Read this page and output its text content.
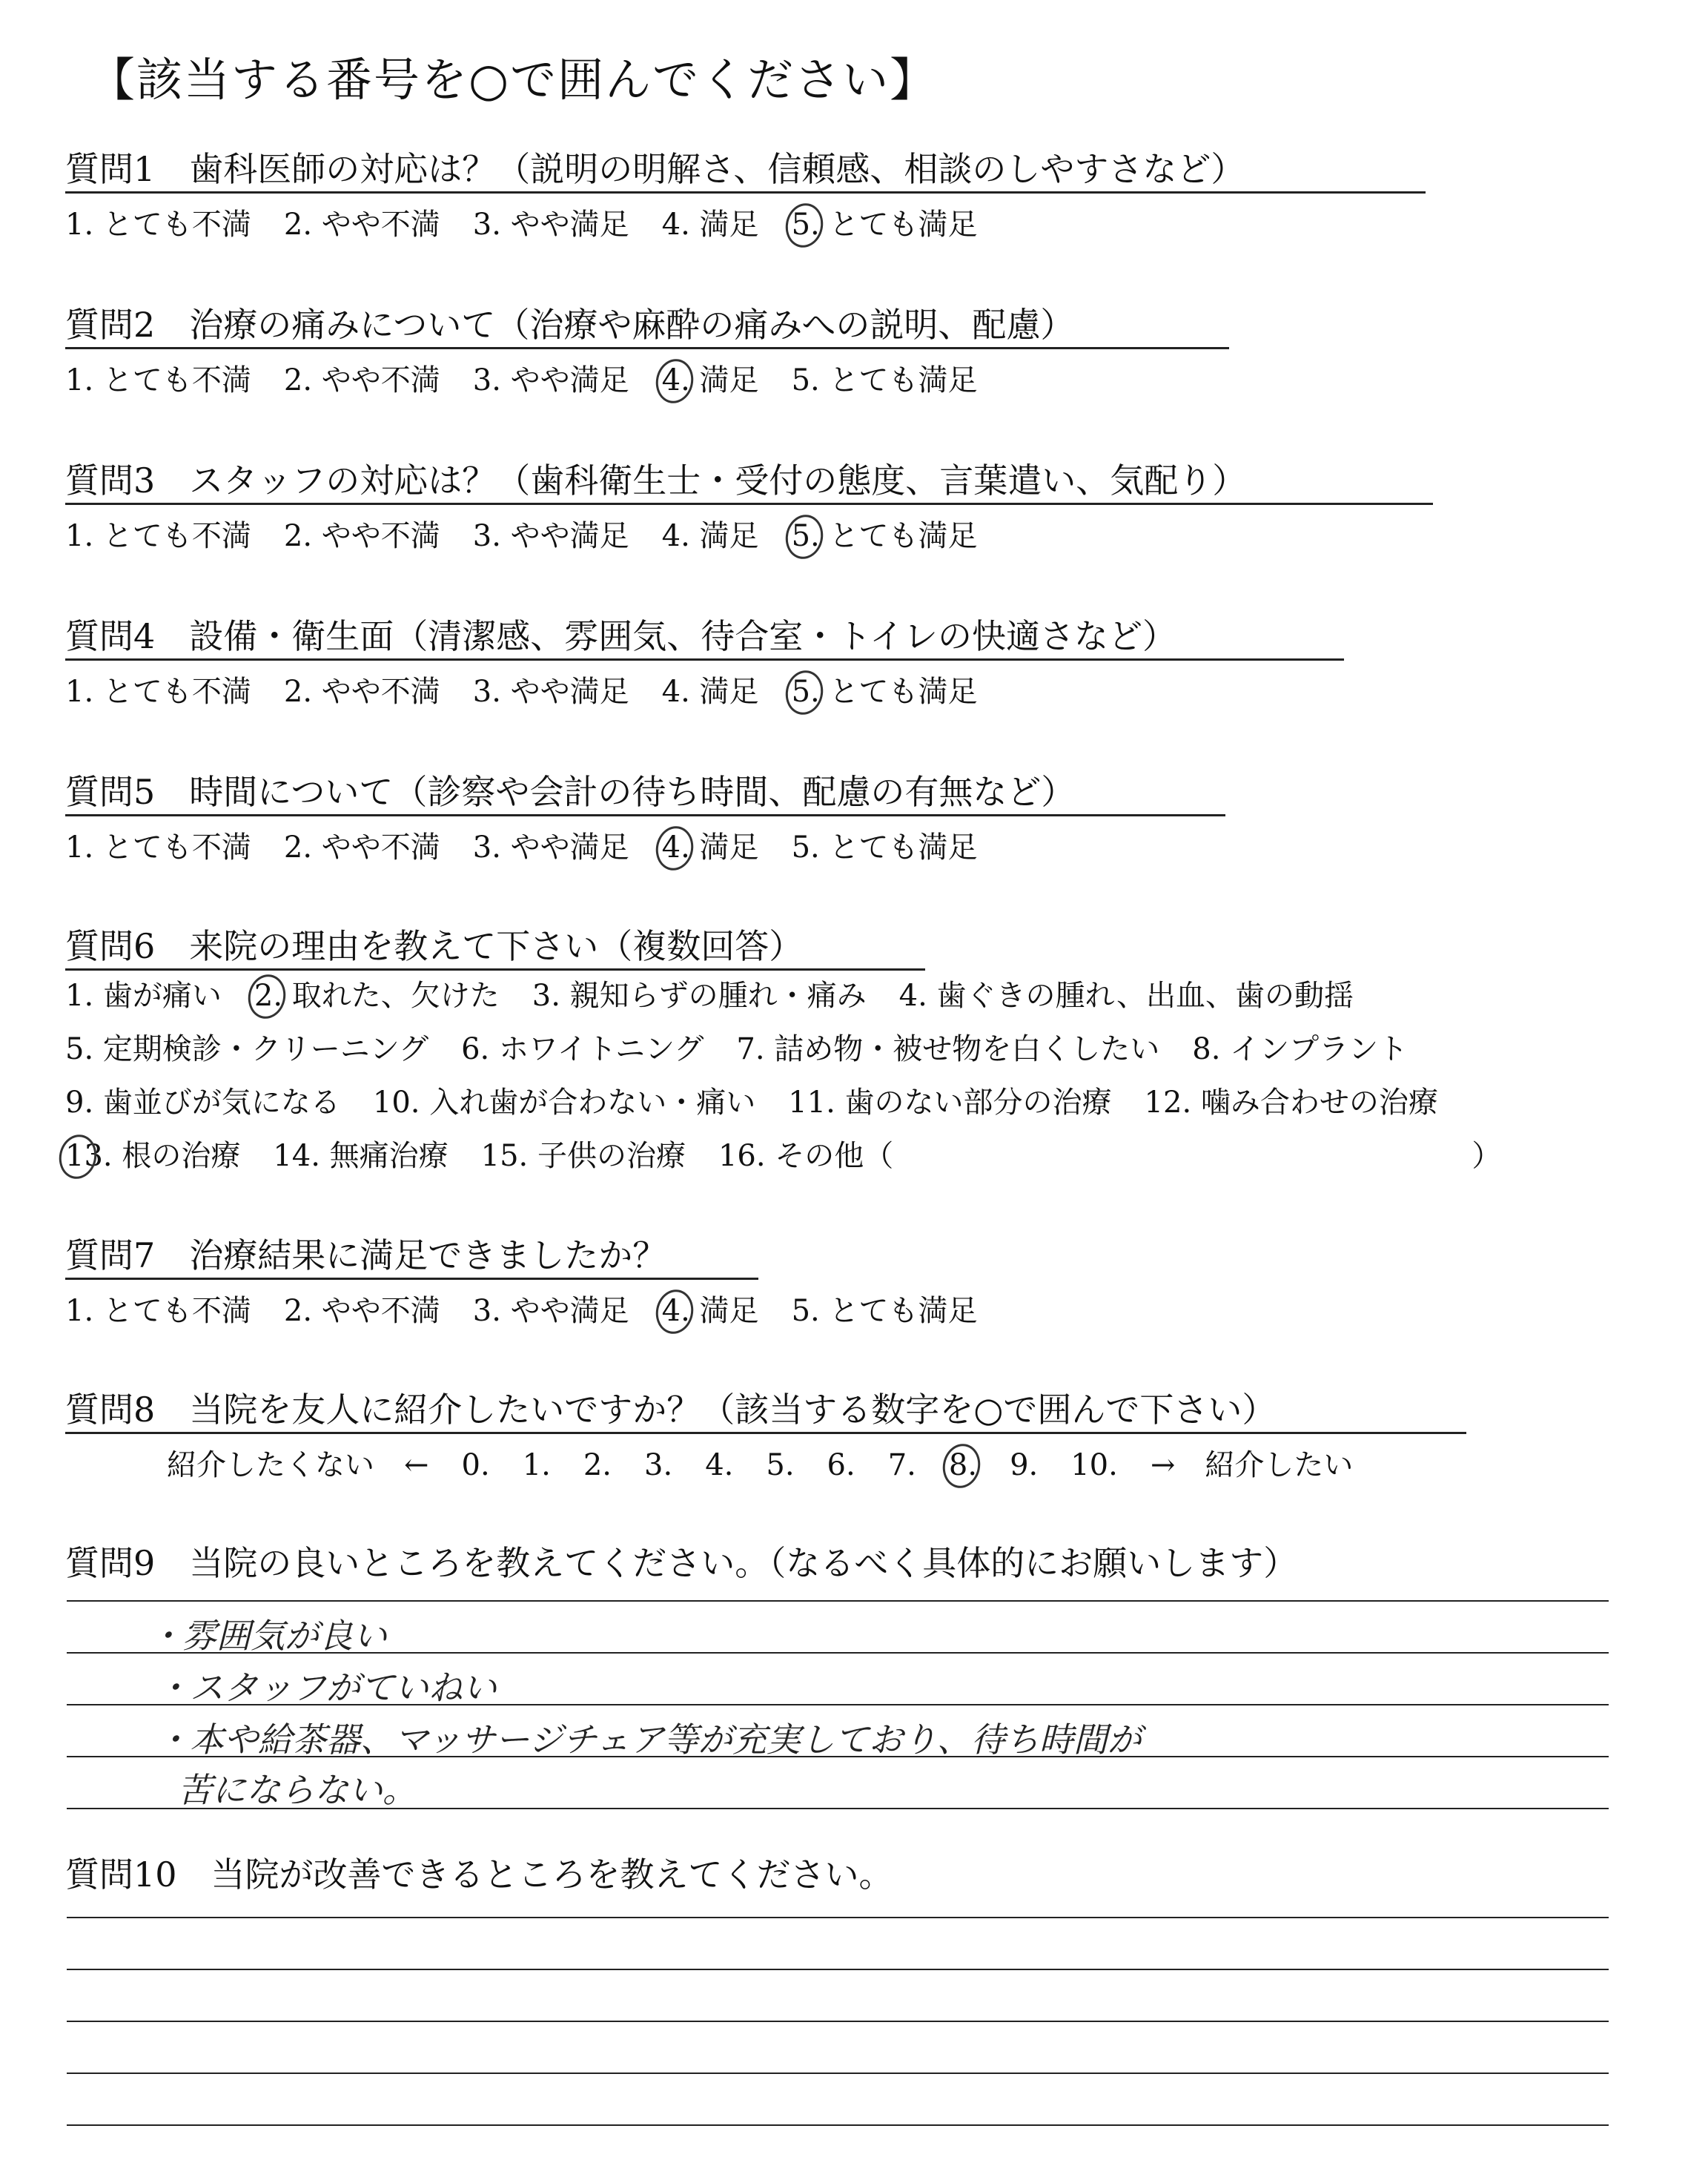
【該当する番号を○で囲んでください】
質問1　歯科医師の対応は？（説明の明解さ、信頼感、相談のしやすさなど）
1. とても不満 2. やや不満 3. やや満足 4. 満足 5. とても満足
質問2　治療の痛みについて（治療や麻酔の痛みへの説明、配慮）
1. とても不満 2. やや不満 3. やや満足 4. 満足 5. とても満足
質問3　スタッフの対応は？（歯科衛生士・受付の態度、言葉遣い、気配り）
1. とても不満 2. やや不満 3. やや満足 4. 満足 5. とても満足
質問4　設備・衛生面（清潔感、雰囲気、待合室・トイレの快適さなど）
1. とても不満 2. やや不満 3. やや満足 4. 満足 5. とても満足
質問5　時間について（診察や会計の待ち時間、配慮の有無など）
1. とても不満 2. やや不満 3. やや満足 4. 満足 5. とても満足
質問6　来院の理由を教えて下さい（複数回答）
1. 歯が痛い 2. 取れた、欠けた 3. 親知らずの腫れ・痛み 4. 歯ぐきの腫れ、出血、歯の動揺
5. 定期検診・クリーニング 6. ホワイトニング 7. 詰め物・被せ物を白くしたい 8. インプラント
9. 歯並びが気になる 10. 入れ歯が合わない・痛い 11. 歯のない部分の治療 12. 噛み合わせの治療
13. 根の治療 14. 無痛治療 15. 子供の治療 16. その他（	）
質問7　治療結果に満足できましたか？
1. とても不満 2. やや不満 3. やや満足 4. 満足 5. とても満足
質問8　当院を友人に紹介したいですか？（該当する数字を○で囲んで下さい）
紹介したくない　← 0. 1. 2. 3. 4. 5. 6. 7. 8. 9. 10. →　紹介したい
質問9　当院の良いところを教えてください。（なるべく具体的にお願いします）
・雰囲気が良い
・スタッフがていねい
・本や給茶器、マッサージチェア等が充実しており、待ち時間が
苦にならない。
質問10　当院が改善できるところを教えてください。
